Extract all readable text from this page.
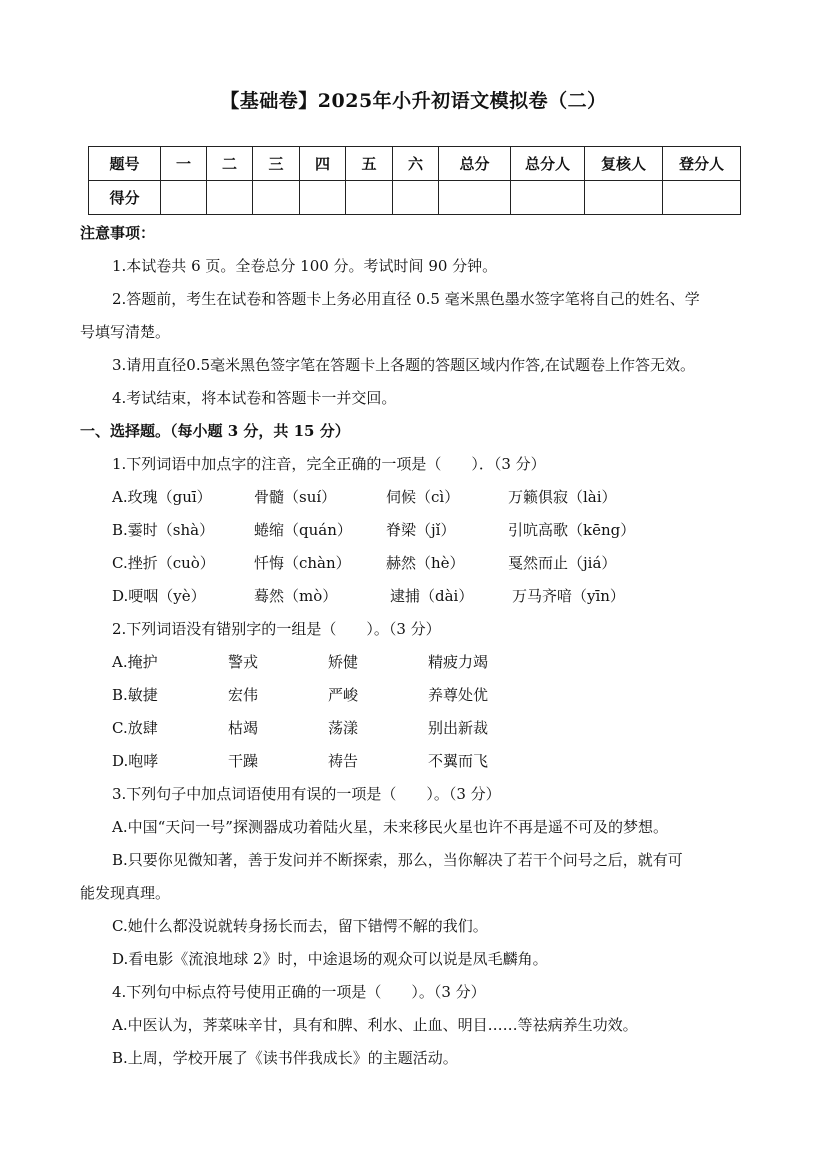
【基础卷】2025年小升初语文模拟卷（二）
题号	一	二	三	四	五	六	总分	总分人	复核人	登分人
得分										
注意事项：
1.本试卷共 6 页。全卷总分 100 分。考试时间 90 分钟。
2.答题前，考生在试卷和答题卡上务必用直径 0.5 毫米黑色墨水签字笔将自己的姓名、学
号填写清楚。
3.请用直径0.5毫米黑色签字笔在答题卡上各题的答题区域内作答,在试题卷上作答无效。
4.考试结束，将本试卷和答题卡一并交回。
一、选择题。（每小题 3 分，共 15 分）
1.下列词语中加点字的注音，完全正确的一项是（　　）．（3 分）
A.玫瑰（guī）	骨髓（suí）	伺候（cì）	万籁俱寂（lài）
B.霎时（shà）	蜷缩（quán） 脊梁（jǐ）	引吭高歌（kēng）
C.挫折（cuò）	忏悔（chàn） 赫然（hè）	戛然而止（jiá）
D.哽咽（yè）	蓦然（mò）	逮捕（dài）	万马齐喑（yīn）
2.下列词语没有错别字的一组是（　　）。（3 分）
A.掩护	警戎	矫健	精疲力竭
B.敏捷	宏伟	严峻	养尊处优
C.放肆	枯竭	荡漾	别出新裁
D.咆哮	干躁	祷告	不翼而飞
3.下列句子中加点词语使用有误的一项是（　　）。（3 分）
A.中国“天问一号”探测器成功着陆火星，未来移民火星也许不再是遥不可及的梦想。
B.只要你见微知著，善于发问并不断探索，那么，当你解决了若干个问号之后，就有可
能发现真理。
C.她什么都没说就转身扬长而去，留下错愕不解的我们。
D.看电影《流浪地球 2》时，中途退场的观众可以说是凤毛麟角。
4.下列句中标点符号使用正确的一项是（　　）。（3 分）
A.中医认为，荠菜味辛甘，具有和脾、利水、止血、明目……等祛病养生功效。
B.上周，学校开展了《读书伴我成长》的主题活动。
